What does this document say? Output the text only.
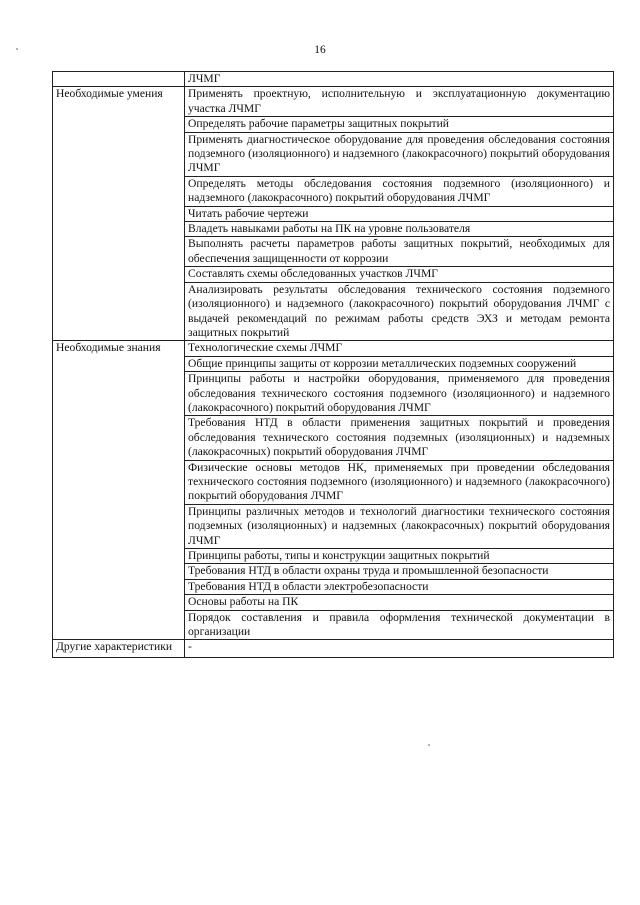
16
	ЛЧМГ
Необходимые умения	Применять проектную, исполнительную и эксплуатационную документацию участка ЛЧМГ
	Определять рабочие параметры защитных покрытий
	Применять диагностическое оборудование для проведения обследования состояния подземного (изоляционного) и надземного (лакокрасочного) покрытий оборудования ЛЧМГ
	Определять методы обследования состояния подземного (изоляционного) и надземного (лакокрасочного) покрытий оборудования ЛЧМГ
	Читать рабочие чертежи
	Владеть навыками работы на ПК на уровне пользователя
	Выполнять расчеты параметров работы защитных покрытий, необходимых для обеспечения защищенности от коррозии
	Составлять схемы обследованных участков ЛЧМГ
	Анализировать результаты обследования технического состояния подземного (изоляционного) и надземного (лакокрасочного) покрытий оборудования ЛЧМГ с выдачей рекомендаций по режимам работы средств ЭХЗ и методам ремонта защитных покрытий
Необходимые знания	Технологические схемы ЛЧМГ
	Общие принципы защиты от коррозии металлических подземных сооружений
	Принципы работы и настройки оборудования, применяемого для проведения обследования технического состояния подземного (изоляционного) и надземного (лакокрасочного) покрытий оборудования ЛЧМГ
	Требования НТД в области применения защитных покрытий и проведения обследования технического состояния подземных (изоляционных) и надземных (лакокрасочных) покрытий оборудования ЛЧМГ
	Физические основы методов НК, применяемых при проведении обследования технического состояния подземного (изоляционного) и надземного (лакокрасочного) покрытий оборудования ЛЧМГ
	Принципы различных методов и технологий диагностики технического состояния подземных (изоляционных) и надземных (лакокрасочных) покрытий оборудования ЛЧМГ
	Принципы работы, типы и конструкции защитных покрытий
	Требования НТД в области охраны труда и промышленной безопасности
	Требования НТД в области электробезопасности
	Основы работы на ПК
	Порядок составления и правила оформления технической документации в организации
Другие характеристики	-
